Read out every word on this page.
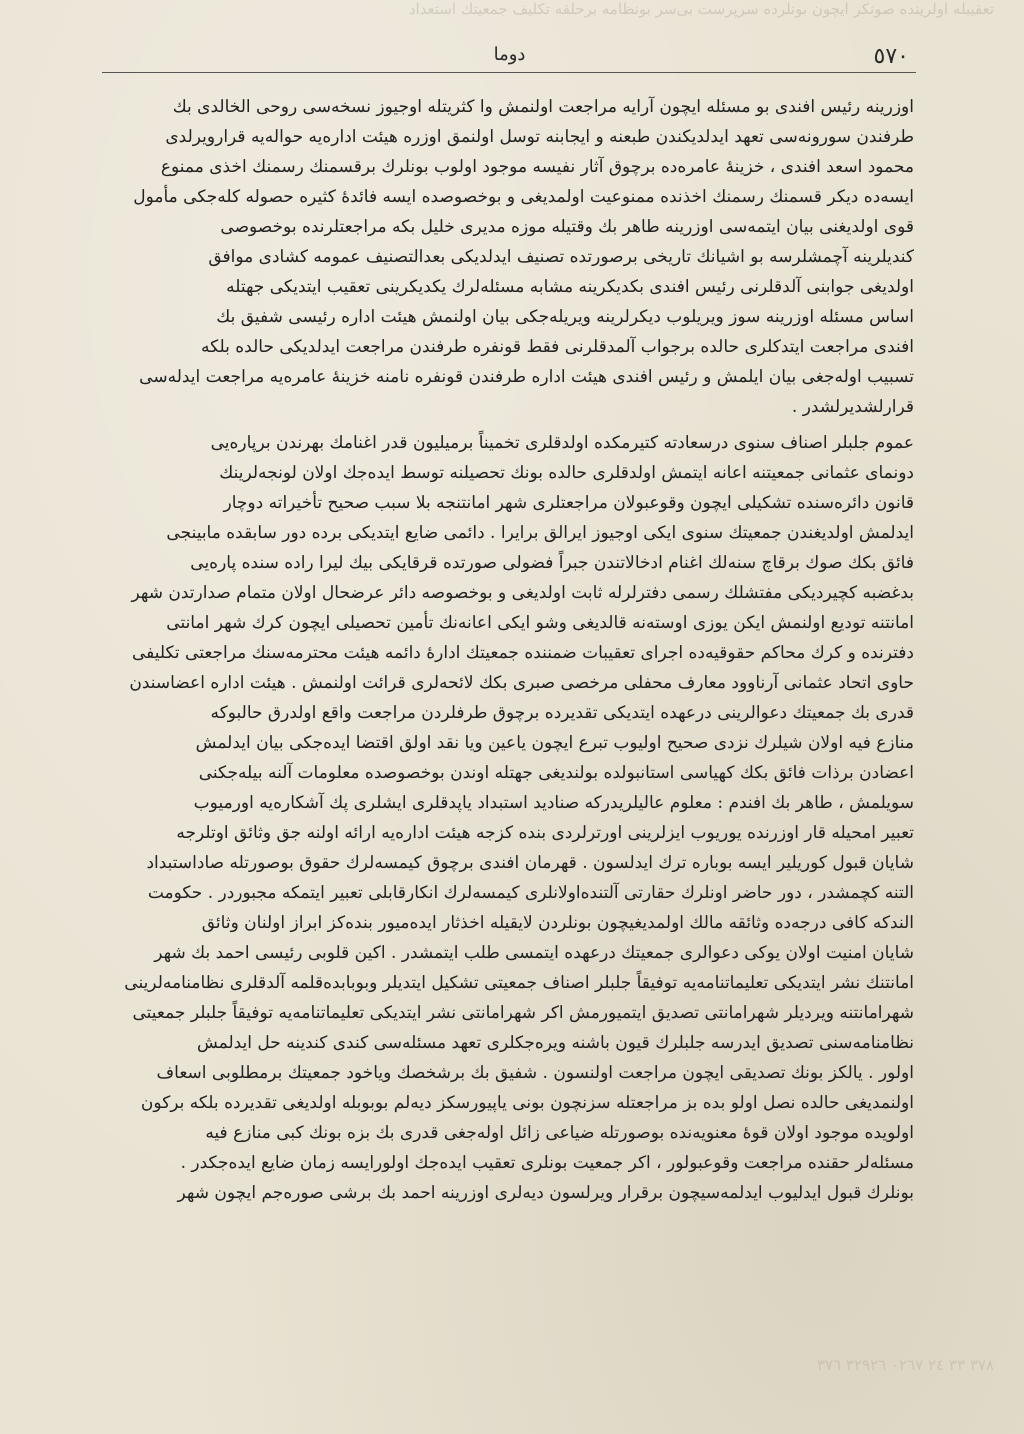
تعقیبله اولرینده صونکر ایچون بونلرده سرپرست بی‌سر بونظامه برحلقه تکلیف جمعیتك استعداد
دوما	٥٧٠
اوزرینه رئیس افندی بو مسئله ایچون آرایه مراجعت اولنمش وا کثریتله اوجیوز نسخه‌سی روحی الخالدی بك
طرفندن سورونه‌سی تعهد ایدلدیکندن طبعنه و ایجابنه توسل اولنمق اوزره هیئت اداره‌یه حواله‌یه قرارویرلدی
محمود اسعد افندی ، خزینهٔ عامره‌ده برچوق آثار نفیسه موجود اولوب بونلرك برقسمنك رسمنك اخذی ممنوع
ایسه‌ده دیکر قسمنك رسمنك اخذنده ممنوعیت اولمدیغی و بوخصوصده ایسه فائدهٔ کثیره حصوله کله‌جکی مأمول
قوی اولدیغنی بیان ایتمه‌سی اوزرینه طاهر بك وقتیله موزه مدیری خلیل بکه مراجعتلرنده بوخصوصی
کندیلرینه آچمشلرسه بو اشیانك تاریخی برصورتده تصنیف ایدلدیکی بعدالتصنیف عمومه کشادی موافق
اولدیغی جوابنی آلدقلرنی رئیس افندی بکدیکرینه مشابه مسئله‌لرك یکدیکرینی تعقیب ایتدیکی جهتله
اساس مسئله اوزرینه سوز ویریلوب دیکرلرینه ویریله‌جکی بیان اولنمش هیئت اداره رئیسی شفیق بك
افندی مراجعت ایتدکلری حالده برجواب آلمدقلرنی فقط قونفره طرفندن مراجعت ایدلدیکی حالده بلکه
تسبیب اوله‌جغی بیان ایلمش و رئیس افندی هیئت اداره طرفندن قونفره نامنه خزینهٔ عامره‌یه مراجعت ایدله‌سی
قرارلشدیرلشدر .
عموم جلبلر اصناف سنوی درسعادته کتیرمکده اولدقلری تخمیناً برمیلیون قدر اغنامك بهرندن برپاره‌یی
دونمای عثمانی جمعیتنه اعانه ایتمش اولدقلری حالده بونك تحصیلنه توسط ایده‌جك اولان لونجه‌لرینك
قانون دائره‌سنده تشکیلی ایچون وقوعبولان مراجعتلری شهر امانتنجه بلا سبب صحیح تأخیراته دوچار
ایدلمش اولدیغندن جمعیتك سنوی ایکی اوجیوز ایرالق برایرا . دائمی ضایع ایتدیکی برده دور سابقده مابینجی
فائق بکك صوك برقاچ سنه‌لك اغنام ادخالاتندن جبراً فضولی صورتده قرقایکی بیك لیرا راده سنده پاره‌یی
بدغضبه کچیردیکی مفتشلك رسمی دفترلرله ثابت اولدیغی و بوخصوصه دائر عرضحال اولان متمام صدارتدن شهر
امانتنه تودیع اولنمش ایکن یوزی اوسته‌نه قالدیغی وشو ایکی اعانه‌نك تأمین تحصیلی ایچون کرك شهر امانتی
دفترنده و کرك محاکم حقوقیه‌ده اجرای تعقیبات ضمننده جمعیتك ادارهٔ دائمه هیئت محترمه‌سنك مراجعتی تکلیفی
حاوی اتحاد عثمانی آرناوود معارف محفلی مرخصی صبری بکك لائحه‌لری قرائت اولنمش . هیئت اداره اعضاسندن
قدری بك جمعیتك دعوالرینی درعهده ایتدیکی تقدیرده برچوق طرفلردن مراجعت واقع اولدرق حالبوکه
منازع فیه اولان شیلرك نزدی صحیح اولیوب تبرع ایچون یاعین ویا نقد اولق اقتضا ایده‌جکی بیان ایدلمش
اعضادن برذات فائق بکك کهیاسی استانبولده بولندیغی جهتله اوندن بوخصوصده معلومات آلنه بیله‌جکنی
سویلمش ، طاهر بك افندم : معلوم عالیلریدرکه صنادید استبداد یاپدقلری ایشلری پك آشکاره‌یه اورمیوب
تعبیر امحیله قار اوزرنده یوریوب ایزلرینی اورترلردی بنده کزجه هیئت اداره‌یه ارائه اولنه جق وثائق اوتلرجه
شایان قبول کوریلیر ایسه بوباره ترك ایدلسون . قهرمان افندی برچوق کیمسه‌لرك حقوق بوصورتله صاداستبداد
التنه کچمشدر ، دور حاضر اونلرك حقارتی آلتنده‌اولانلری کیمسه‌لرك انکارقابلی تعبیر ایتمکه مجبوردر . حکومت
الندکه کافی درجه‌ده وثائقه مالك اولمدیغیچون بونلردن لایقیله اخذثار ایده‌میور بنده‌کز ابراز اولنان وثائق
شایان امنیت اولان یوکی دعوالری جمعیتك درعهده ایتمسی طلب ایتمشدر . اکین قلوبی رئیسی احمد بك شهر
امانتنك نشر ایتدیکی تعلیماتنامه‌یه توفیقاً جلبلر اصناف جمعیتی تشکیل ایتدیلر وبوبابده‌قلمه آلدقلری نظامنامه‌لرینی
شهرامانتنه ویردیلر شهرامانتی تصدیق ایتمیورمش اکر شهرامانتی نشر ایتدیکی تعلیماتنامه‌یه توفیقاً جلبلر جمعیتی
نظامنامه‌سنی تصدیق ایدرسه جلبلرك قیون باشنه ویره‌جکلری تعهد مسئله‌سی کندی کندینه حل ایدلمش
اولور . یالکز بونك تصدیقی ایچون مراجعت اولنسون . شفیق بك برشخصك ویاخود جمعیتك برمطلوبی اسعاف
اولنمدیغی حالده نصل اولو بده بز مراجعتله سزنچون بونی یاپیورسکز دیه‌لم بوبوبله اولدیغی تقدیرده بلکه برکون
اولویده موجود اولان قوهٔ معنویه‌نده بوصورتله ضیاعی زائل اوله‌جغی قدری بك بزه بونك کبی منازع فیه
مسئله‌لر حقنده مراجعت وقوعبولور ، اکر جمعیت بونلری تعقیب ایده‌جك اولورایسه زمان ضایع ایده‌جکدر .
بونلرك قبول ایدلیوب ایدلمه‌سیچون برقرار ویرلسون دیه‌لری اوزرینه احمد بك برشی صوره‌جم ایچون شهر
٣٧٨ ٣٣ ٢٤ ٠٢٦٧ ٣٢٩٢٦ ٣٧٦
